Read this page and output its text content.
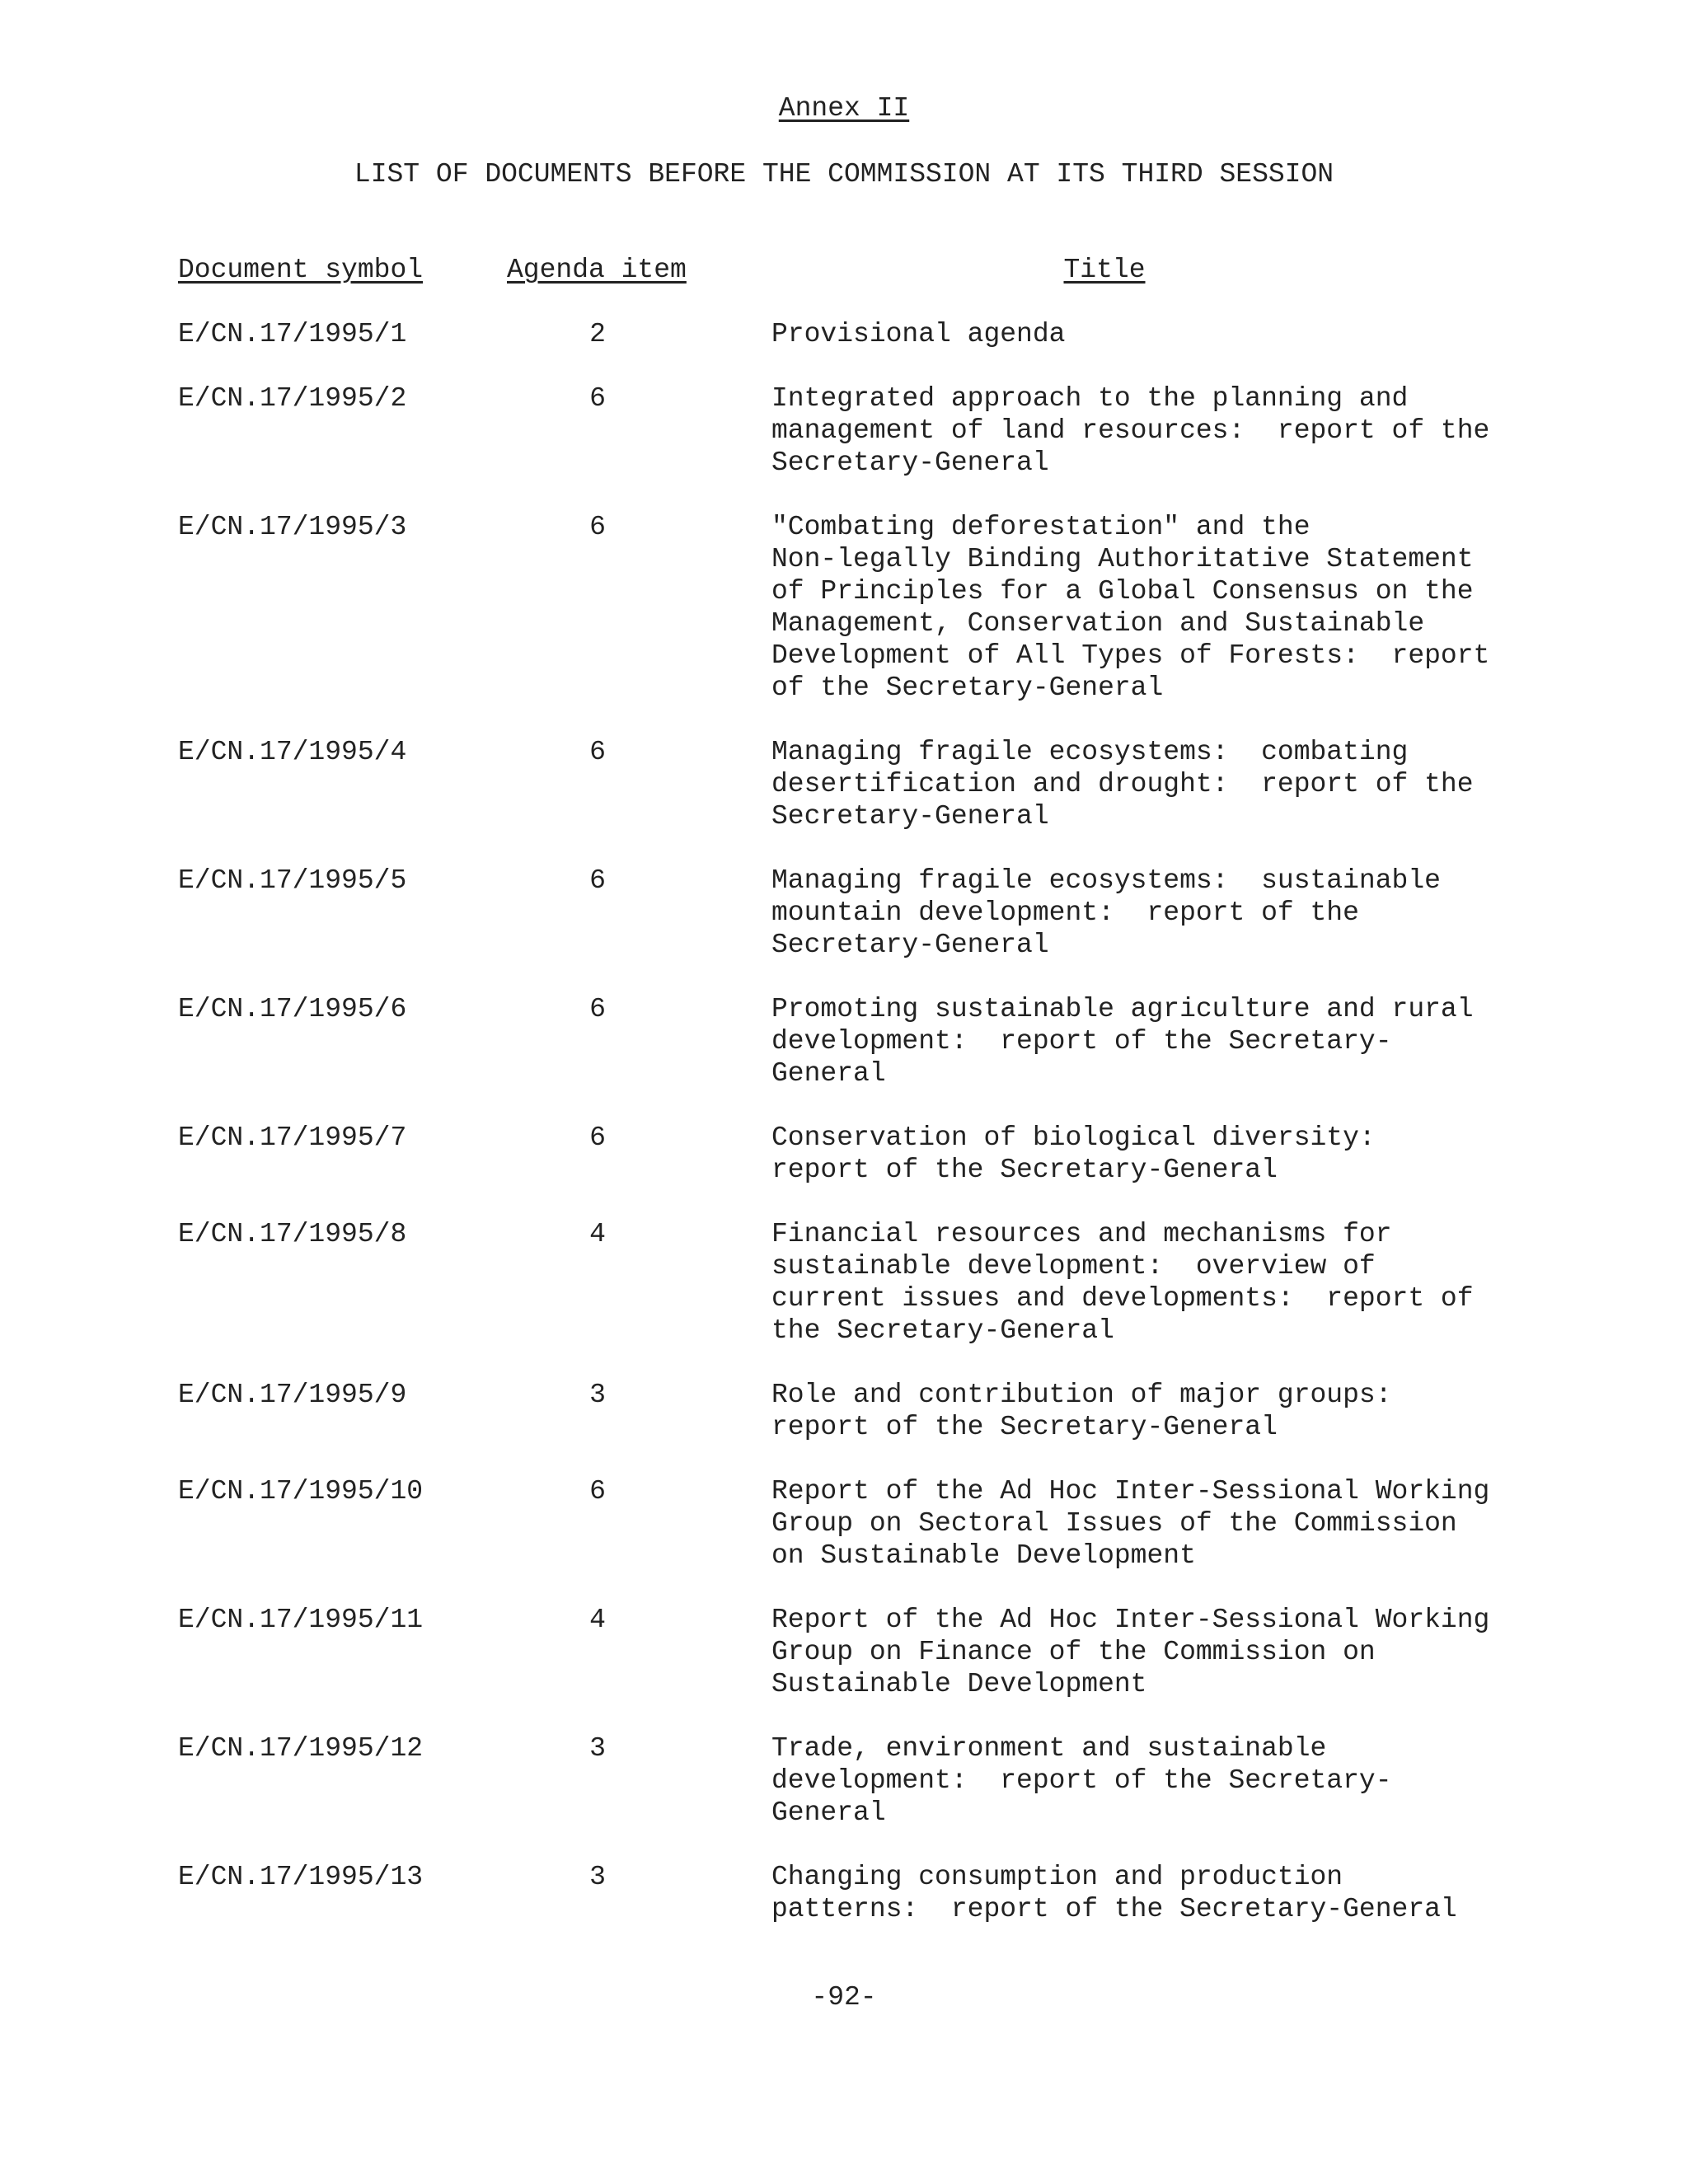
Annex II
LIST OF DOCUMENTS BEFORE THE COMMISSION AT ITS THIRD SESSION
Document symbol	Agenda item	Title
E/CN.17/1995/1	2	Provisional agenda
E/CN.17/1995/2	6	Integrated approach to the planning and
management of land resources:  report of the
Secretary-General
E/CN.17/1995/3	6	"Combating deforestation" and the
Non-legally Binding Authoritative Statement
of Principles for a Global Consensus on the
Management, Conservation and Sustainable
Development of All Types of Forests:  report
of the Secretary-General
E/CN.17/1995/4	6	Managing fragile ecosystems:  combating
desertification and drought:  report of the
Secretary-General
E/CN.17/1995/5	6	Managing fragile ecosystems:  sustainable
mountain development:  report of the
Secretary-General
E/CN.17/1995/6	6	Promoting sustainable agriculture and rural
development:  report of the Secretary-
General
E/CN.17/1995/7	6	Conservation of biological diversity:
report of the Secretary-General
E/CN.17/1995/8	4	Financial resources and mechanisms for
sustainable development:  overview of
current issues and developments:  report of
the Secretary-General
E/CN.17/1995/9	3	Role and contribution of major groups:
report of the Secretary-General
E/CN.17/1995/10	6	Report of the Ad Hoc Inter-Sessional Working
Group on Sectoral Issues of the Commission
on Sustainable Development
E/CN.17/1995/11	4	Report of the Ad Hoc Inter-Sessional Working
Group on Finance of the Commission on
Sustainable Development
E/CN.17/1995/12	3	Trade, environment and sustainable
development:  report of the Secretary-
General
E/CN.17/1995/13	3	Changing consumption and production
patterns:  report of the Secretary-General
-92-
